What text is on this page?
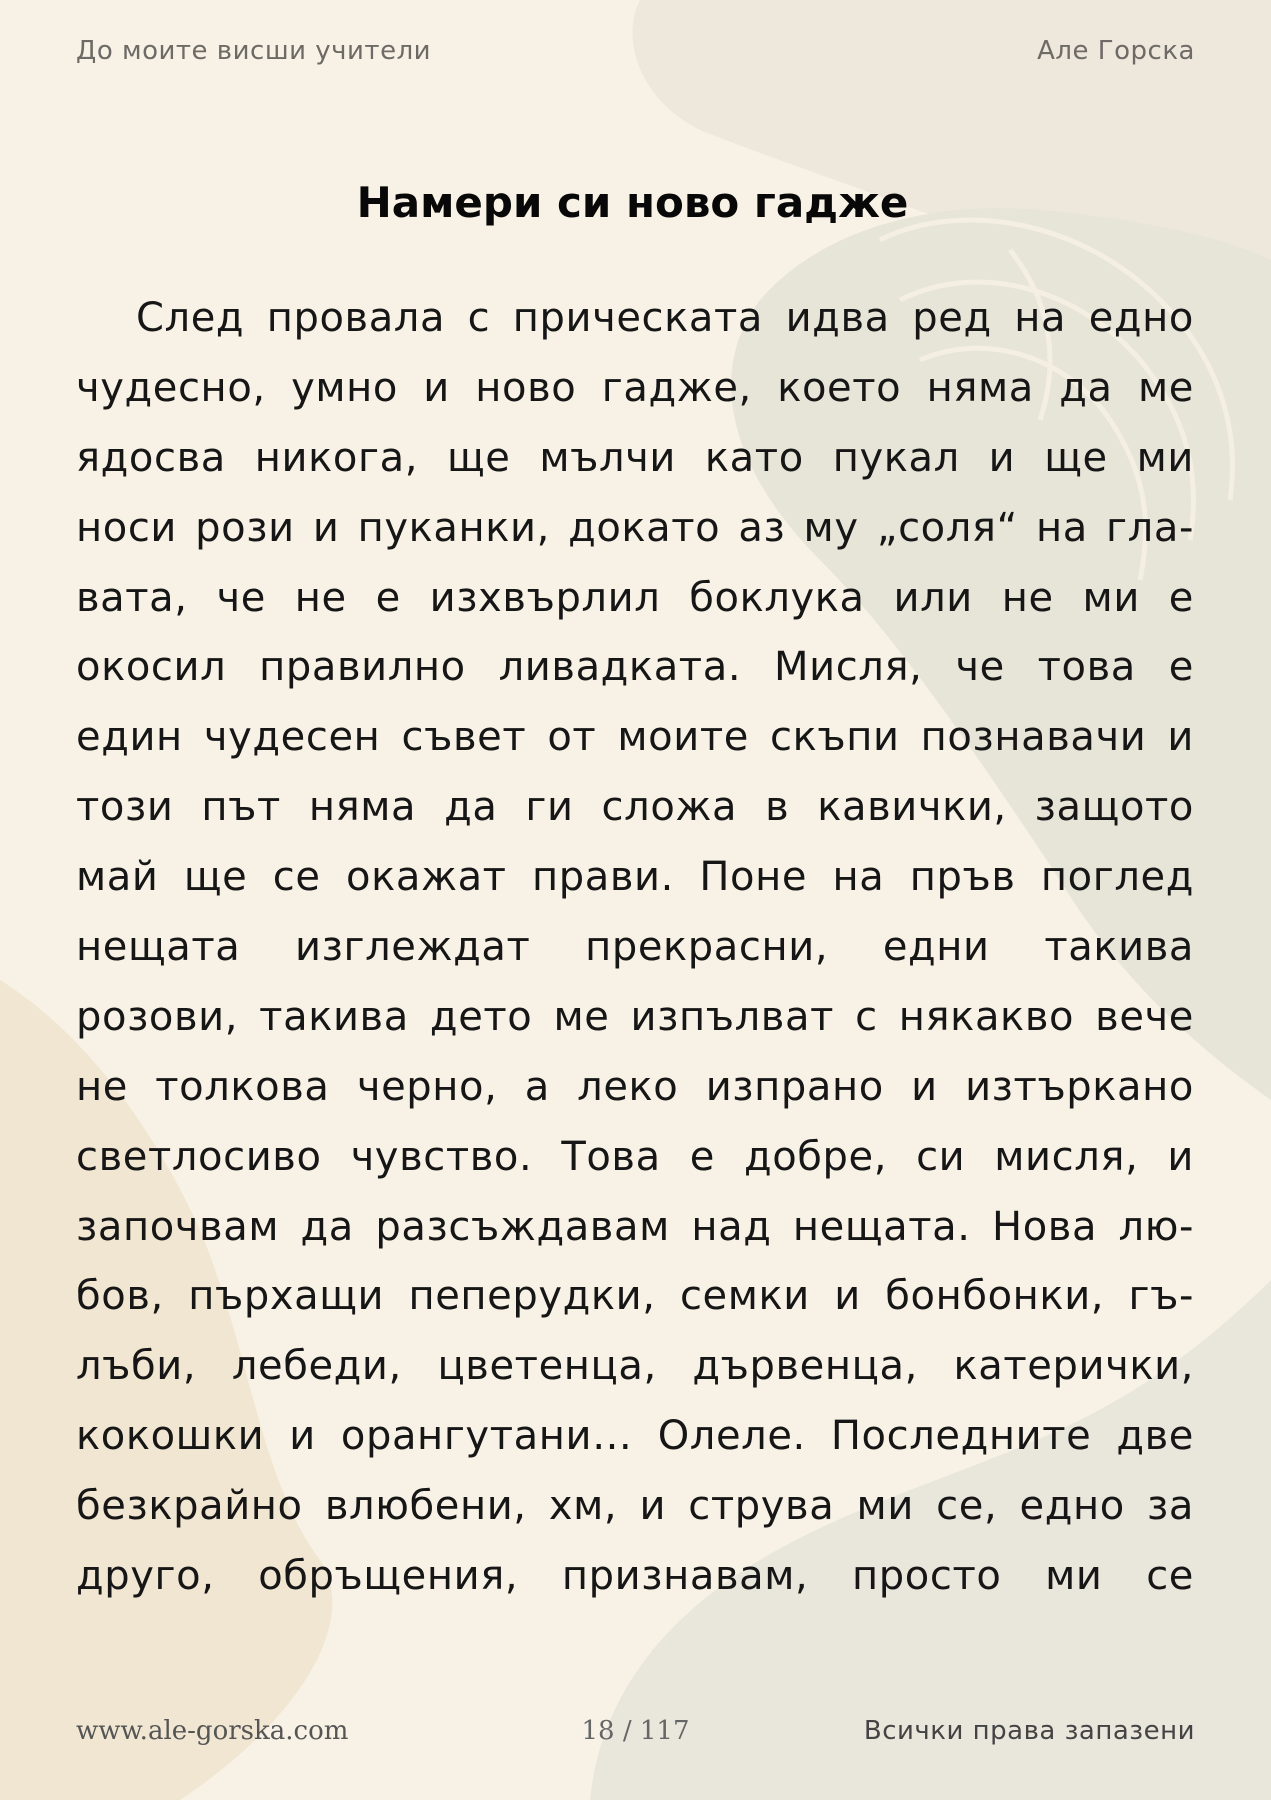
До моите висши учители	Але Горска
Намери си ново гадже
След провала с прическата идва ред на едно
чудесно, умно и ново гадже, което няма да ме
ядосва никога, ще мълчи като пукал и ще ми
носи рози и пуканки, докато аз му „соля“ на гла-
вата, че не е изхвърлил боклука или не ми е
окосил правилно ливадката. Мисля, че това е
един чудесен съвет от моите скъпи познавачи и
този път няма да ги сложа в кавички, защото
май ще се окажат прави. Поне на пръв поглед
нещата изглеждат прекрасни, едни такива
розови, такива дето ме изпълват с някакво вече
не толкова черно, а леко изпрано и изтъркано
светлосиво чувство. Това е добре, си мисля, и
започвам да разсъждавам над нещата. Нова лю-
бов, пърхащи пеперудки, семки и бонбонки, гъ-
лъби, лебеди, цветенца, дървенца, катерички,
кокошки и орангутани… Олеле. Последните две
безкрайно влюбени, хм, и струва ми се, едно за
друго, обръщения, признавам, просто ми се
www.ale-gorska.com	18 / 117	Всички права запазени
